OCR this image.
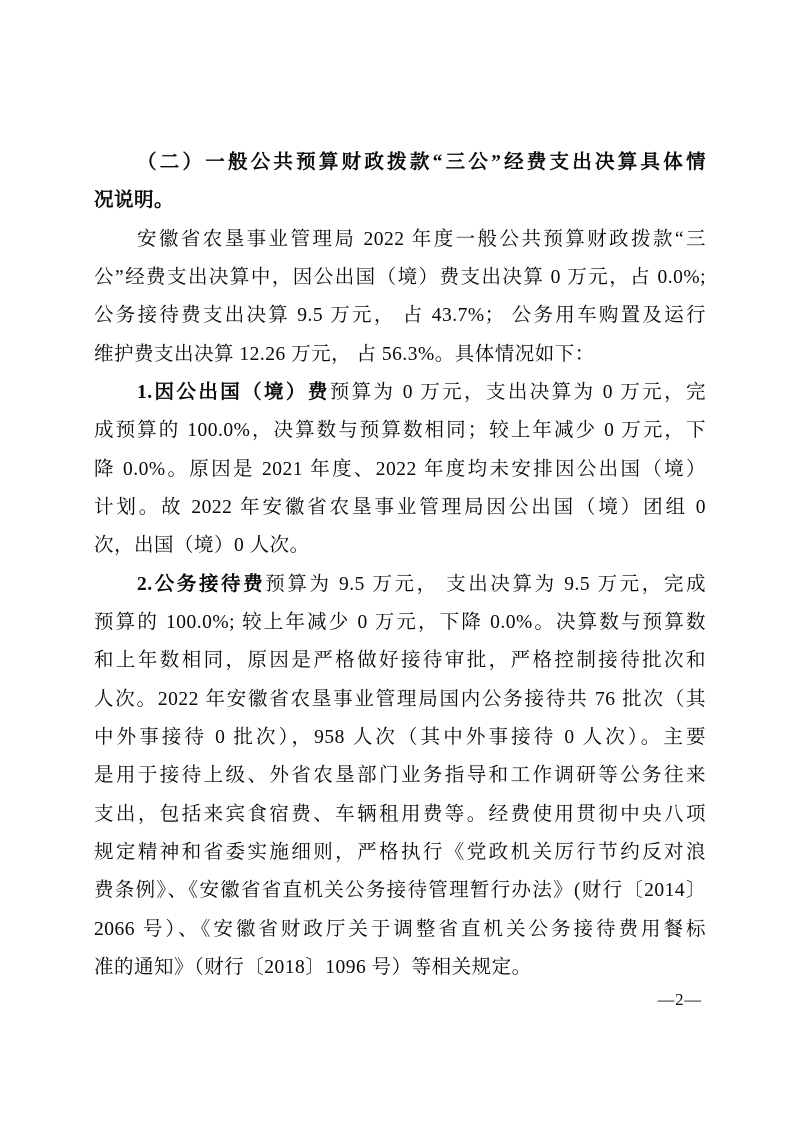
（二）一般公共预算财政拨款“三公”经费支出决算具体情

况说明。

安徽省农垦事业管理局 2022 年度一般公共预算财政拨款“三

公”经费支出决算中，因公出国（境）费支出决算 0 万元，占 0.0%;

公务接待费支出决算 9.5 万元， 占 43.7%； 公务用车购置及运行

维护费支出决算 12.26 万元， 占 56.3%。具体情况如下：

1.因公出国（境）费预算为 0 万元，支出决算为 0 万元，完

成预算的 100.0%，决算数与预算数相同；较上年减少 0 万元，下

降 0.0%。原因是 2021 年度、2022 年度均未安排因公出国（境）

计划。故 2022 年安徽省农垦事业管理局因公出国（境）团组 0

次，出国（境）0 人次。

2.公务接待费预算为 9.5 万元， 支出决算为 9.5 万元，完成

预算的 100.0%; 较上年减少 0 万元，下降 0.0%。决算数与预算数

和上年数相同，原因是严格做好接待审批，严格控制接待批次和

人次。2022 年安徽省农垦事业管理局国内公务接待共 76 批次（其

中外事接待 0 批次），958 人次（其中外事接待 0 人次）。主要

是用于接待上级、外省农垦部门业务指导和工作调研等公务往来

支出，包括来宾食宿费、车辆租用费等。经费使用贯彻中央八项

规定精神和省委实施细则，严格执行《党政机关厉行节约反对浪

费条例》、《安徽省省直机关公务接待管理暂行办法》(财行〔2014〕

2066 号）、《安徽省财政厅关于调整省直机关公务接待费用餐标

准的通知》（财行〔2018〕1096 号）等相关规定。

—2—
